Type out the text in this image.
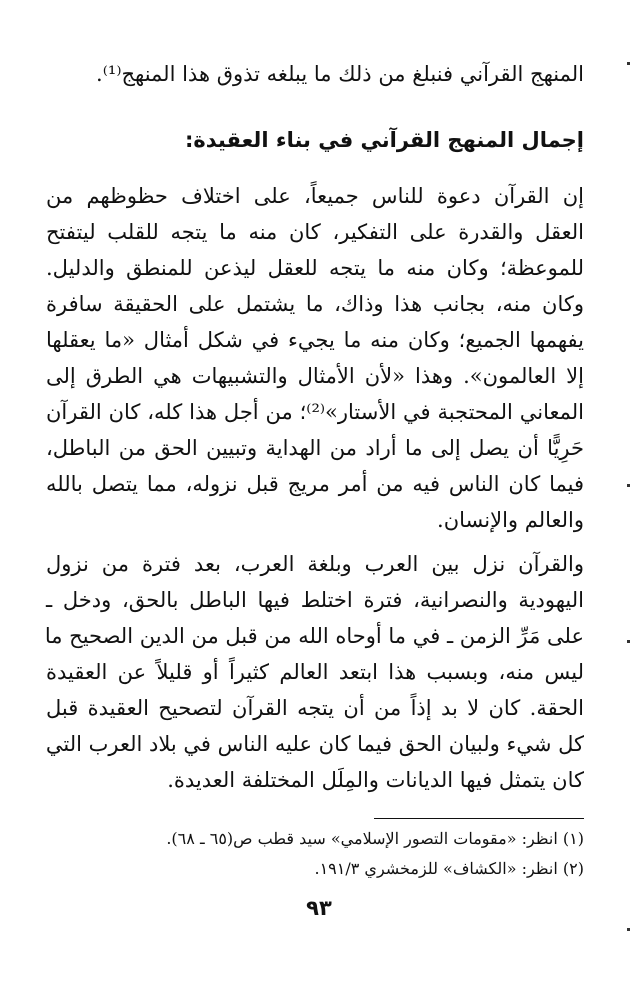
المنهج القرآني فنبلغ من ذلك ما يبلغه تذوق هذا المنهج⁽¹⁾.
إجمال المنهج القرآني في بناء العقيدة:
إن القرآن دعوة للناس جميعاً، على اختلاف حظوظهم من
العقل والقدرة على التفكير، كان منه ما يتجه للقلب ليتفتح
للموعظة؛ وكان منه ما يتجه للعقل ليذعن للمنطق والدليل.
وكان منه، بجانب هذا وذاك، ما يشتمل على الحقيقة سافرة
يفهمها الجميع؛ وكان منه ما يجيء في شكل أمثال «ما يعقلها
إلا العالمون». وهذا «لأن الأمثال والتشبيهات هي الطرق إلى
المعاني المحتجبة في الأستار»⁽²⁾؛ من أجل هذا كله، كان القرآن
حَرِيًّا أن يصل إلى ما أراد من الهداية وتبيين الحق من الباطل،
فيما كان الناس فيه من أمر مريج قبل نزوله، مما يتصل بالله
والعالم والإنسان.
والقرآن نزل بين العرب وبلغة العرب، بعد فترة من نزول
اليهودية والنصرانية، فترة اختلط فيها الباطل بالحق، ودخل ـ
على مَرِّ الزمن ـ في ما أوحاه الله من قبل من الدين الصحيح ما
ليس منه، وبسبب هذا ابتعد العالم كثيراً أو قليلاً عن العقيدة
الحقة. كان لا بد إذاً من أن يتجه القرآن لتصحيح العقيدة قبل
كل شيء ولبيان الحق فيما كان عليه الناس في بلاد العرب التي
كان يتمثل فيها الديانات والمِلَل المختلفة العديدة.
(١) انظر: «مقومات التصور الإسلامي» سيد قطب ص(٦٥ ـ ٦٨).
(٢) انظر: «الكشاف» للزمخشري ١٩١/٣.
٩٣
